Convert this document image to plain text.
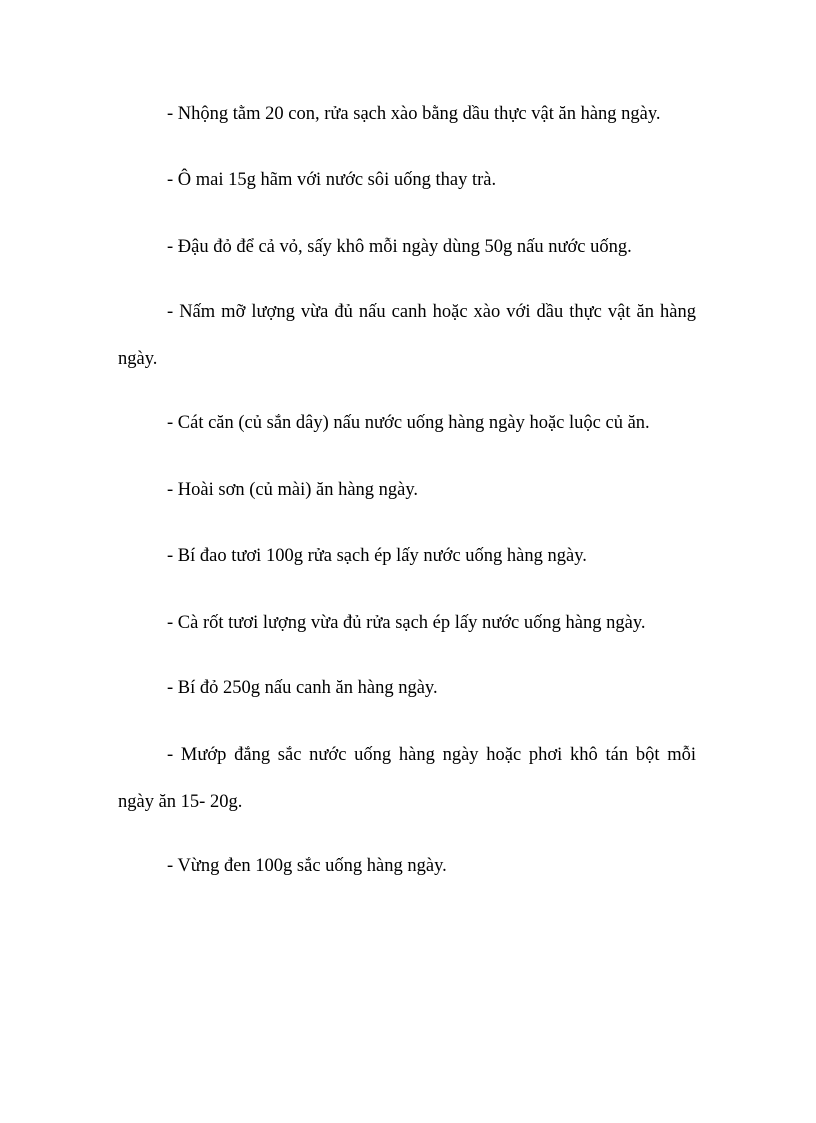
- Nhộng tằm 20 con, rửa sạch xào bằng dầu thực vật ăn hàng ngày.

- Ô mai 15g hãm với nước sôi uống thay trà.

- Đậu đỏ để cả vỏ, sấy khô mỗi ngày dùng 50g nấu nước uống.

- Nấm mỡ lượng vừa đủ nấu canh hoặc xào với dầu thực vật ăn hàng ngày.

- Cát căn (củ sắn dây) nấu nước uống hàng ngày hoặc luộc củ ăn.

- Hoài sơn (củ mài) ăn hàng ngày.

- Bí đao tươi 100g rửa sạch ép lấy nước uống hàng ngày.

- Cà rốt tươi lượng vừa đủ rửa sạch ép lấy nước uống hàng ngày.

- Bí đỏ 250g nấu canh ăn hàng ngày.

- Mướp đắng sắc nước uống hàng ngày hoặc phơi khô tán bột mỗi ngày ăn 15- 20g.

- Vừng đen 100g sắc uống hàng ngày.
